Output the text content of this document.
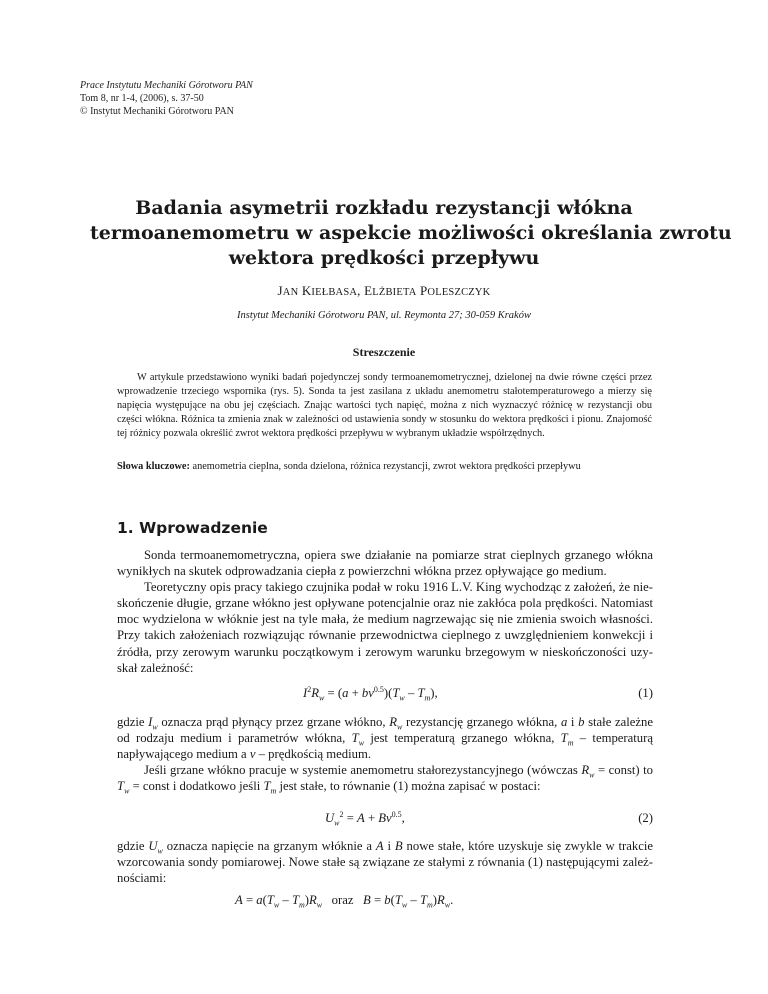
Prace Instytutu Mechaniki Górotworu PAN
Tom 8, nr 1-4, (2006), s. 37-50
© Instytut Mechaniki Górotworu PAN
Badania asymetrii rozkładu rezystancji włókna
termoanemometru w aspekcie możliwości określania zwrotu
wektora prędkości przepływu
JAN KIEŁBASA, ELŻBIETA POLESZCZYK
Instytut Mechaniki Górotworu PAN, ul. Reymonta 27; 30-059 Kraków
Streszczenie
W artykule przedstawiono wyniki badań pojedynczej sondy termoanemometrycznej, dzielonej na dwie równe części przez wprowadzenie trzeciego wspornika (rys. 5). Sonda ta jest zasilana z układu anemometru stałotemperaturowego a mierzy się napięcia występujące na obu jej częściach. Znając wartości tych napięć, można z nich wyznaczyć różnicę w rezystancji obu części włókna. Różnica ta zmienia znak w zależności od ustawienia sondy w stosunku do wektora prędkości i pionu. Znajomość tej różnicy pozwala określić zwrot wektora prędkości przepływu w wybranym układzie współrzędnych.
Słowa kluczowe: anemometria cieplna, sonda dzielona, różnica rezystancji, zwrot wektora prędkości przepływu
1. Wprowadzenie

Sonda termoanemometryczna, opiera swe działanie na pomiarze strat cieplnych grzanego włókna wynikłych na skutek odprowadzania ciepła z powierzchni włókna przez opływające go medium.

Teoretyczny opis pracy takiego czujnika podał w roku 1916 L.V. King wychodząc z założeń, że nieskończenie długie, grzane włókno jest opływane potencjalnie oraz nie zakłóca pola prędkości. Natomiast moc wydzielona w włóknie jest na tyle mała, że medium nagrzewając się nie zmienia swoich własności. Przy takich założeniach rozwiązując równanie przewodnictwa cieplnego z uwzględnieniem konwekcji i źródła, przy zerowym warunku początkowym i zerowym warunku brzegowym w nieskończoności uzyskał zależność:

$I^2R_w = (a + bv^{0.5})(T_w - T_m)$,	(1)

gdzie $I_w$ oznacza prąd płynący przez grzane włókno, $R_w$ rezystancję grzanego włókna, a i b stałe zależne od rodzaju medium i parametrów włókna, $T_w$ jest temperaturą grzanego włókna, $T_m$ – temperaturą napływającego medium a v – prędkością medium.

Jeśli grzane włókno pracuje w systemie anemometru stałorezystancyjnego (wówczas $R_w$ = const) to $T_w$ = const i dodatkowo jeśli $T_m$ jest stałe, to równanie (1) można zapisać w postaci:

$U_w^2 = A + Bv^{0.5}$,	(2)

gdzie $U_w$ oznacza napięcie na grzanym włóknie a A i B nowe stałe, które uzyskuje się zwykle w trakcie wzorcowania sondy pomiarowej. Nowe stałe są związane ze stałymi z równania (1) następującymi zależnościami:

$A = a(T_w - T_m)R_w$   oraz   $B = b(T_w - T_m)R_w$.
